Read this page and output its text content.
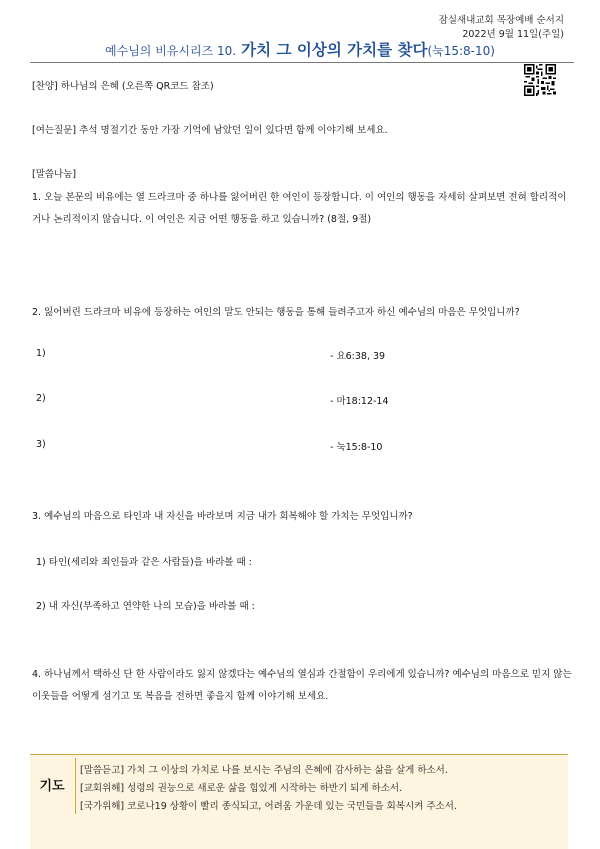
잠실새내교회 목장예배 순서지
2022년 9월 11일(주일)
예수님의 비유시리즈 10. 가치 그 이상의 가치를 찾다(눅15:8-10)
[찬양] 하나님의 은혜 (오른쪽 QR코드 참조)
[여는질문] 추석 명절기간 동안 가장 기억에 남았던 일이 있다면 함께 이야기해 보세요.
[말씀나눔]
1. 오늘 본문의 비유에는 열 드라크마 중 하나를 잃어버린 한 여인이 등장합니다. 이 여인의 행동을 자세히 살펴보면 전혀 합리적이
거나 논리적이지 않습니다. 이 여인은 지금 어떤 행동을 하고 있습니까? (8절, 9절)
2. 잃어버린 드라크마 비유에 등장하는 여인의 말도 안되는 행동을 통해 들려주고자 하신 예수님의 마음은 무엇입니까?
1)	- 요6:38, 39
2)	- 마18:12-14
3)	- 눅15:8-10
3. 예수님의 마음으로 타인과 내 자신을 바라보며 지금 내가 회복해야 할 가치는 무엇입니까?
1) 타인(세리와 죄인들과 같은 사람들)을 바라볼 때 :
2) 내 자신(부족하고 연약한 나의 모습)을 바라볼 때 :
4. 하나님께서 택하신 단 한 사람이라도 잃지 않겠다는 예수님의 열심과 간절함이 우리에게 있습니까? 예수님의 마음으로 믿지 않는
이웃들을 어떻게 섬기고 또 복음을 전하면 좋을지 함께 이야기해 보세요.
기도
[말씀듣고] 가치 그 이상의 가치로 나를 보시는 주님의 은혜에 감사하는 삶을 살게 하소서.
[교회위해] 성령의 권능으로 새로운 삶을 힘있게 시작하는 하반기 되게 하소서.
[국가위해] 코로나19 상황이 빨리 종식되고, 어려움 가운데 있는 국민들을 회복시켜 주소서.
